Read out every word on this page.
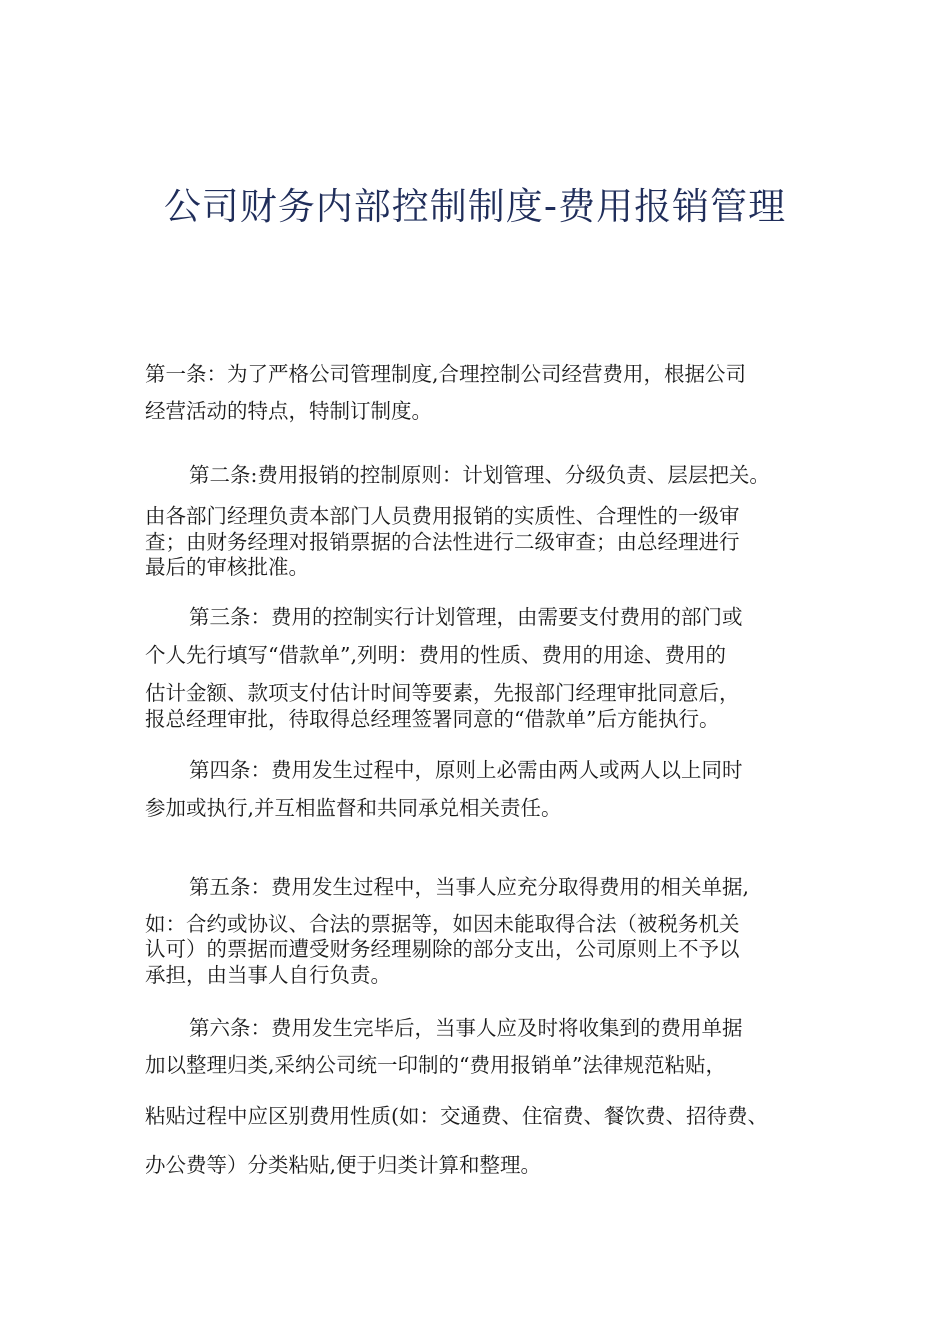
公司财务内部控制制度-费用报销管理
第一条：为了严格公司管理制度,合理控制公司经营费用，根据公司
经营活动的特点，特制订制度。
第二条:费用报销的控制原则：计划管理、分级负责、层层把关。
由各部门经理负责本部门人员费用报销的实质性、合理性的一级审
查；由财务经理对报销票据的合法性进行二级审查；由总经理进行
最后的审核批准。
第三条：费用的控制实行计划管理，由需要支付费用的部门或
个人先行填写“借款单”,列明：费用的性质、费用的用途、费用的
估计金额、款项支付估计时间等要素，先报部门经理审批同意后，
报总经理审批，待取得总经理签署同意的“借款单”后方能执行。
第四条：费用发生过程中，原则上必需由两人或两人以上同时
参加或执行,并互相监督和共同承兑相关责任。
第五条：费用发生过程中，当事人应充分取得费用的相关单据,
如：合约或协议、合法的票据等，如因未能取得合法（被税务机关
认可）的票据而遭受财务经理剔除的部分支出，公司原则上不予以
承担，由当事人自行负责。
第六条：费用发生完毕后，当事人应及时将收集到的费用单据
加以整理归类,采纳公司统一印制的“费用报销单”法律规范粘贴，
粘贴过程中应区别费用性质(如：交通费、住宿费、餐饮费、招待费、
办公费等）分类粘贴,便于归类计算和整理。
